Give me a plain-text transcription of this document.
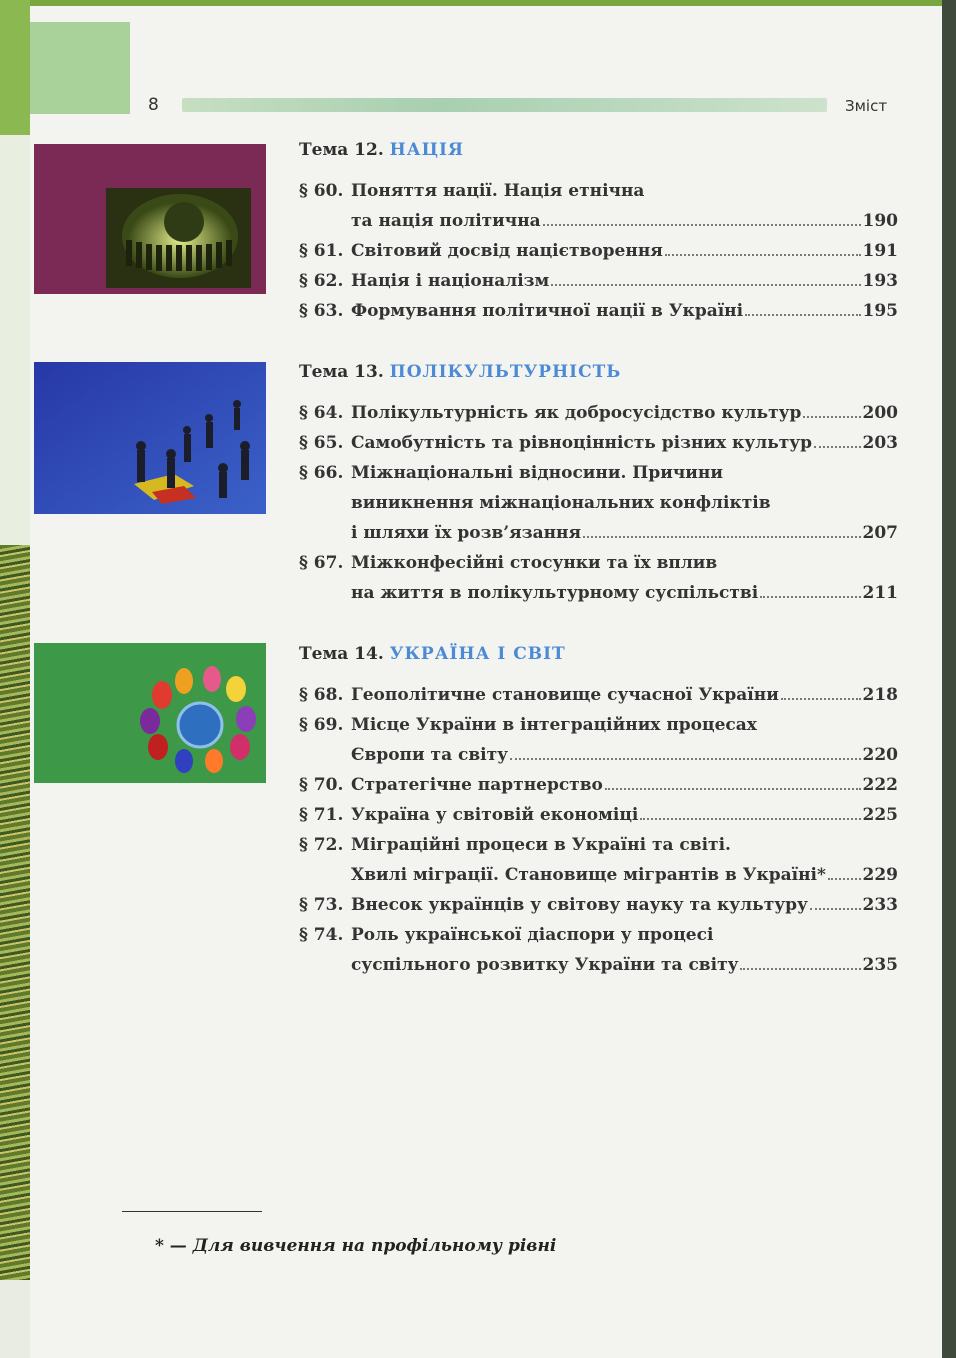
8	Зміст
Тема 12. НАЦІЯ
§ 60. Поняття нації. Нація етнічна
та нація політична	190
§ 61. Світовий досвід націєтворення	191
§ 62. Нація і націоналізм	193
§ 63. Формування політичної нації в Україні	195
Тема 13. ПОЛІКУЛЬТУРНІСТЬ
§ 64. Полікультурність як добросусідство культур	200
§ 65. Самобутність та рівноцінність різних культур	203
§ 66. Міжнаціональні відносини. Причини
виникнення міжнаціональних конфліктів
і шляхи їх розв’язання	207
§ 67. Міжконфесійні стосунки та їх вплив
на життя в полікультурному суспільстві	211
Тема 14. УКРАЇНА І СВІТ
§ 68. Геополітичне становище сучасної України	218
§ 69. Місце України в інтеграційних процесах
Європи та світу	220
§ 70. Стратегічне партнерство	222
§ 71. Україна у світовій економіці	225
§ 72. Міграційні процеси в Україні та світі.
Хвилі міграції. Становище мігрантів в Україні* 229
§ 73. Внесок українців у світову науку та культуру	233
§ 74. Роль української діаспори у процесі
суспільного розвитку України та світу	235
* — Для вивчення на профільному рівні
